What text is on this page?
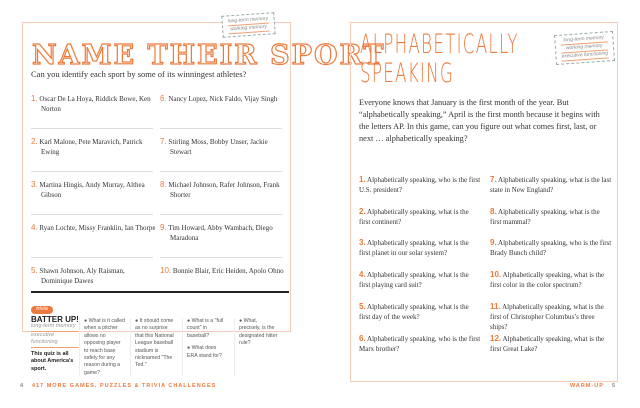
long-term memory
working memory
NAME THEIR SPORT
Can you identify each sport by some of its winningest athletes?
1. Oscar De La Hoya, Riddick Bowe, Ken Norton
2. Karl Malone, Pete Maravich, Patrick Ewing
3. Martina Hingis, Andy Murray, Althea Gibson
4. Ryan Lochte, Missy Franklin, Ian Thorpe
5. Shawn Johnson, Aly Raisman, Dominique Dawes
6. Nancy Lopez, Nick Faldo, Vijay Singh
7. Stirling Moss, Bobby Unser, Jackie Stewart
8. Michael Johnson, Rafer Johnson, Frank Shorter
9. Tim Howard, Abby Wambach, Diego Maradona
10. Bonnie Blair, Eric Heiden, Apolo Ohno
trivia
BATTER UP!
long-term memory
executive functioning
This quiz is all about America's sport.
● What is it called when a pitcher allows no opposing player to reach base safely for any reason during a game?
● It should come as no surprise that this National League baseball stadium is nicknamed "The Ted."
● What is a "full count" in baseball?
● What does ERA stand for?
● What, precisely, is the designated hitter rule?
4 417 MORE GAMES, PUZZLES & TRIVIA CHALLENGES
ALPHABETICALLY
SPEAKING
long-term memory
working memory
executive functioning
Everyone knows that January is the first month of the year. But “alphabetically speaking,” April is the first month because it begins with the letters AP. In this game, can you figure out what comes first, last, or next … alphabetically speaking?
1. Alphabetically speaking, who is the first U.S. president?
2. Alphabetically speaking, what is the first continent?
3. Alphabetically speaking, what is the first planet in our solar system?
4. Alphabetically speaking, what is the first playing card suit?
5. Alphabetically speaking, what is the first day of the week?
6. Alphabetically speaking, who is the first Marx brother?
7. Alphabetically speaking, what is the last state in New England?
8. Alphabetically speaking, what is the first mammal?
9. Alphabetically speaking, who is the first Brady Bunch child?
10. Alphabetically speaking, what is the first color in the color spectrum?
11. Alphabetically speaking, what is the first of Christopher Columbus’s three ships?
12. Alphabetically speaking, what is the first Great Lake?
WARM-UP 5
